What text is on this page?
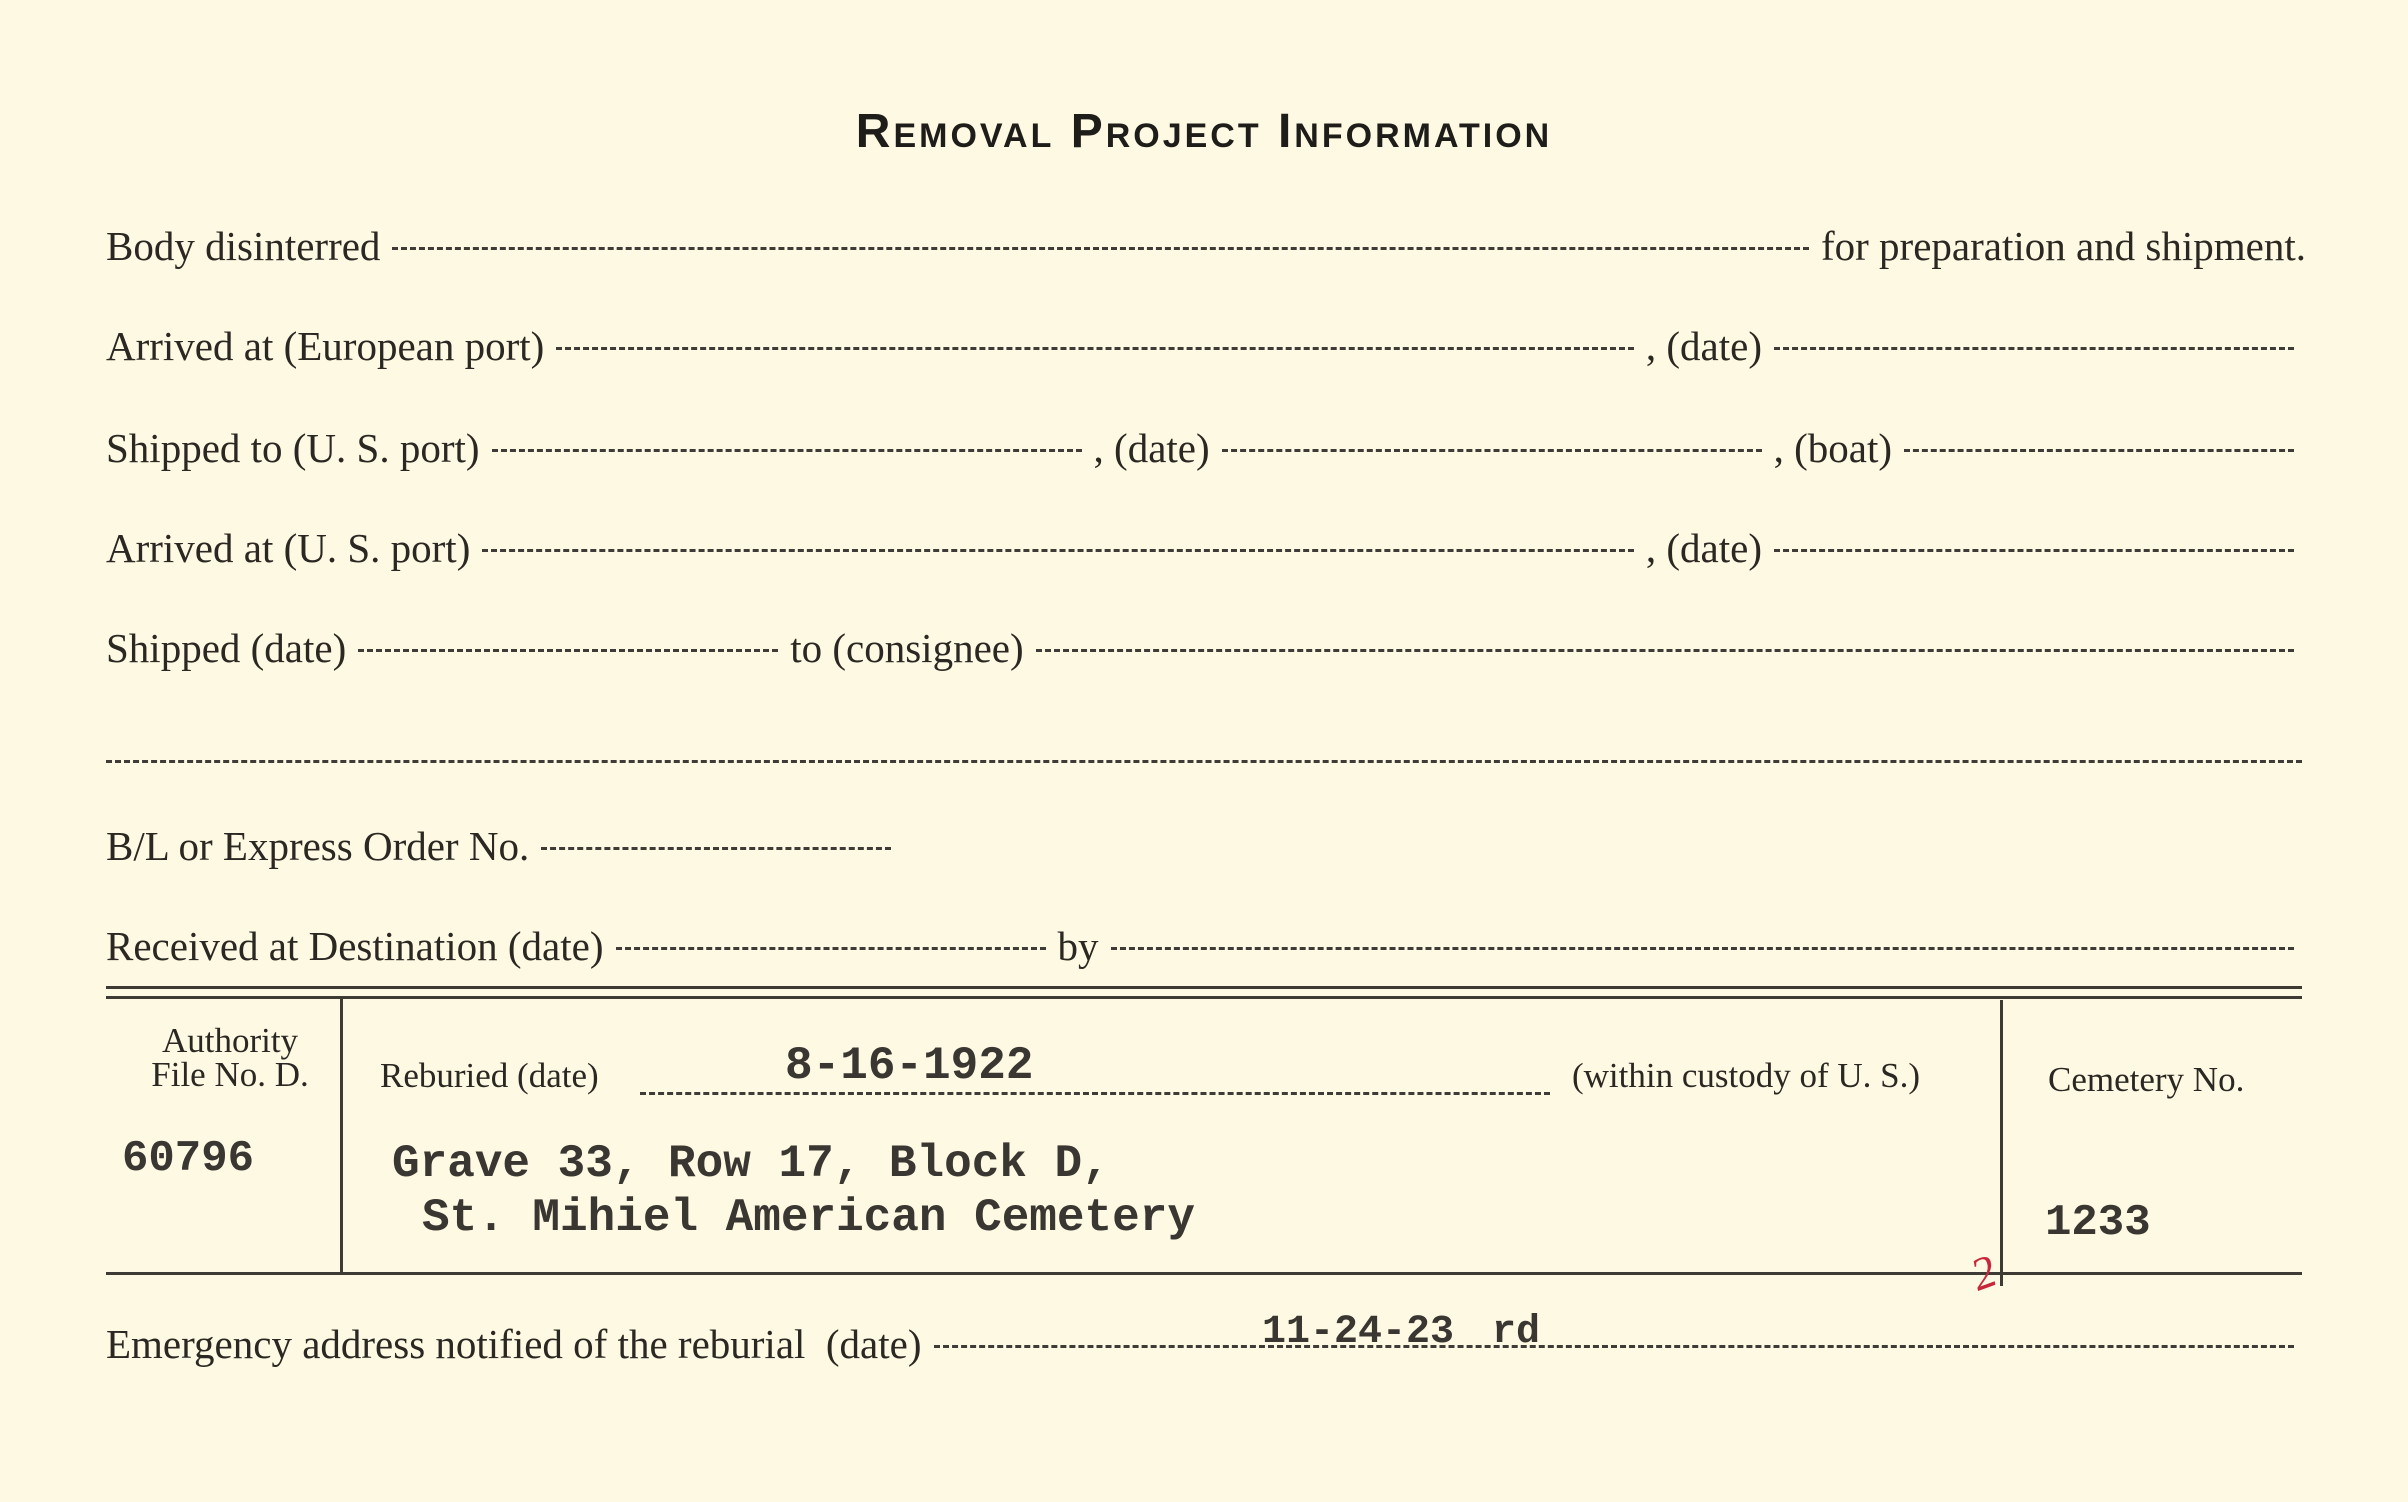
Removal Project Information
Body disinterred	for preparation and shipment.
Arrived at (European port)	, (date)
Shipped to (U. S. port)	, (date)	, (boat)
Arrived at (U. S. port)	, (date)
Shipped (date)	to (consignee)
B/L or Express Order No.
Received at Destination (date)	by
Authority
File No. D.
60796
Reburied (date)	8-16-1922	(within custody of U. S.)
Grave 33, Row 17, Block D,
St. Mihiel American Cemetery
Cemetery No.
1233
2
Emergency address notified of the reburial  (date)	11-24-23 rd
